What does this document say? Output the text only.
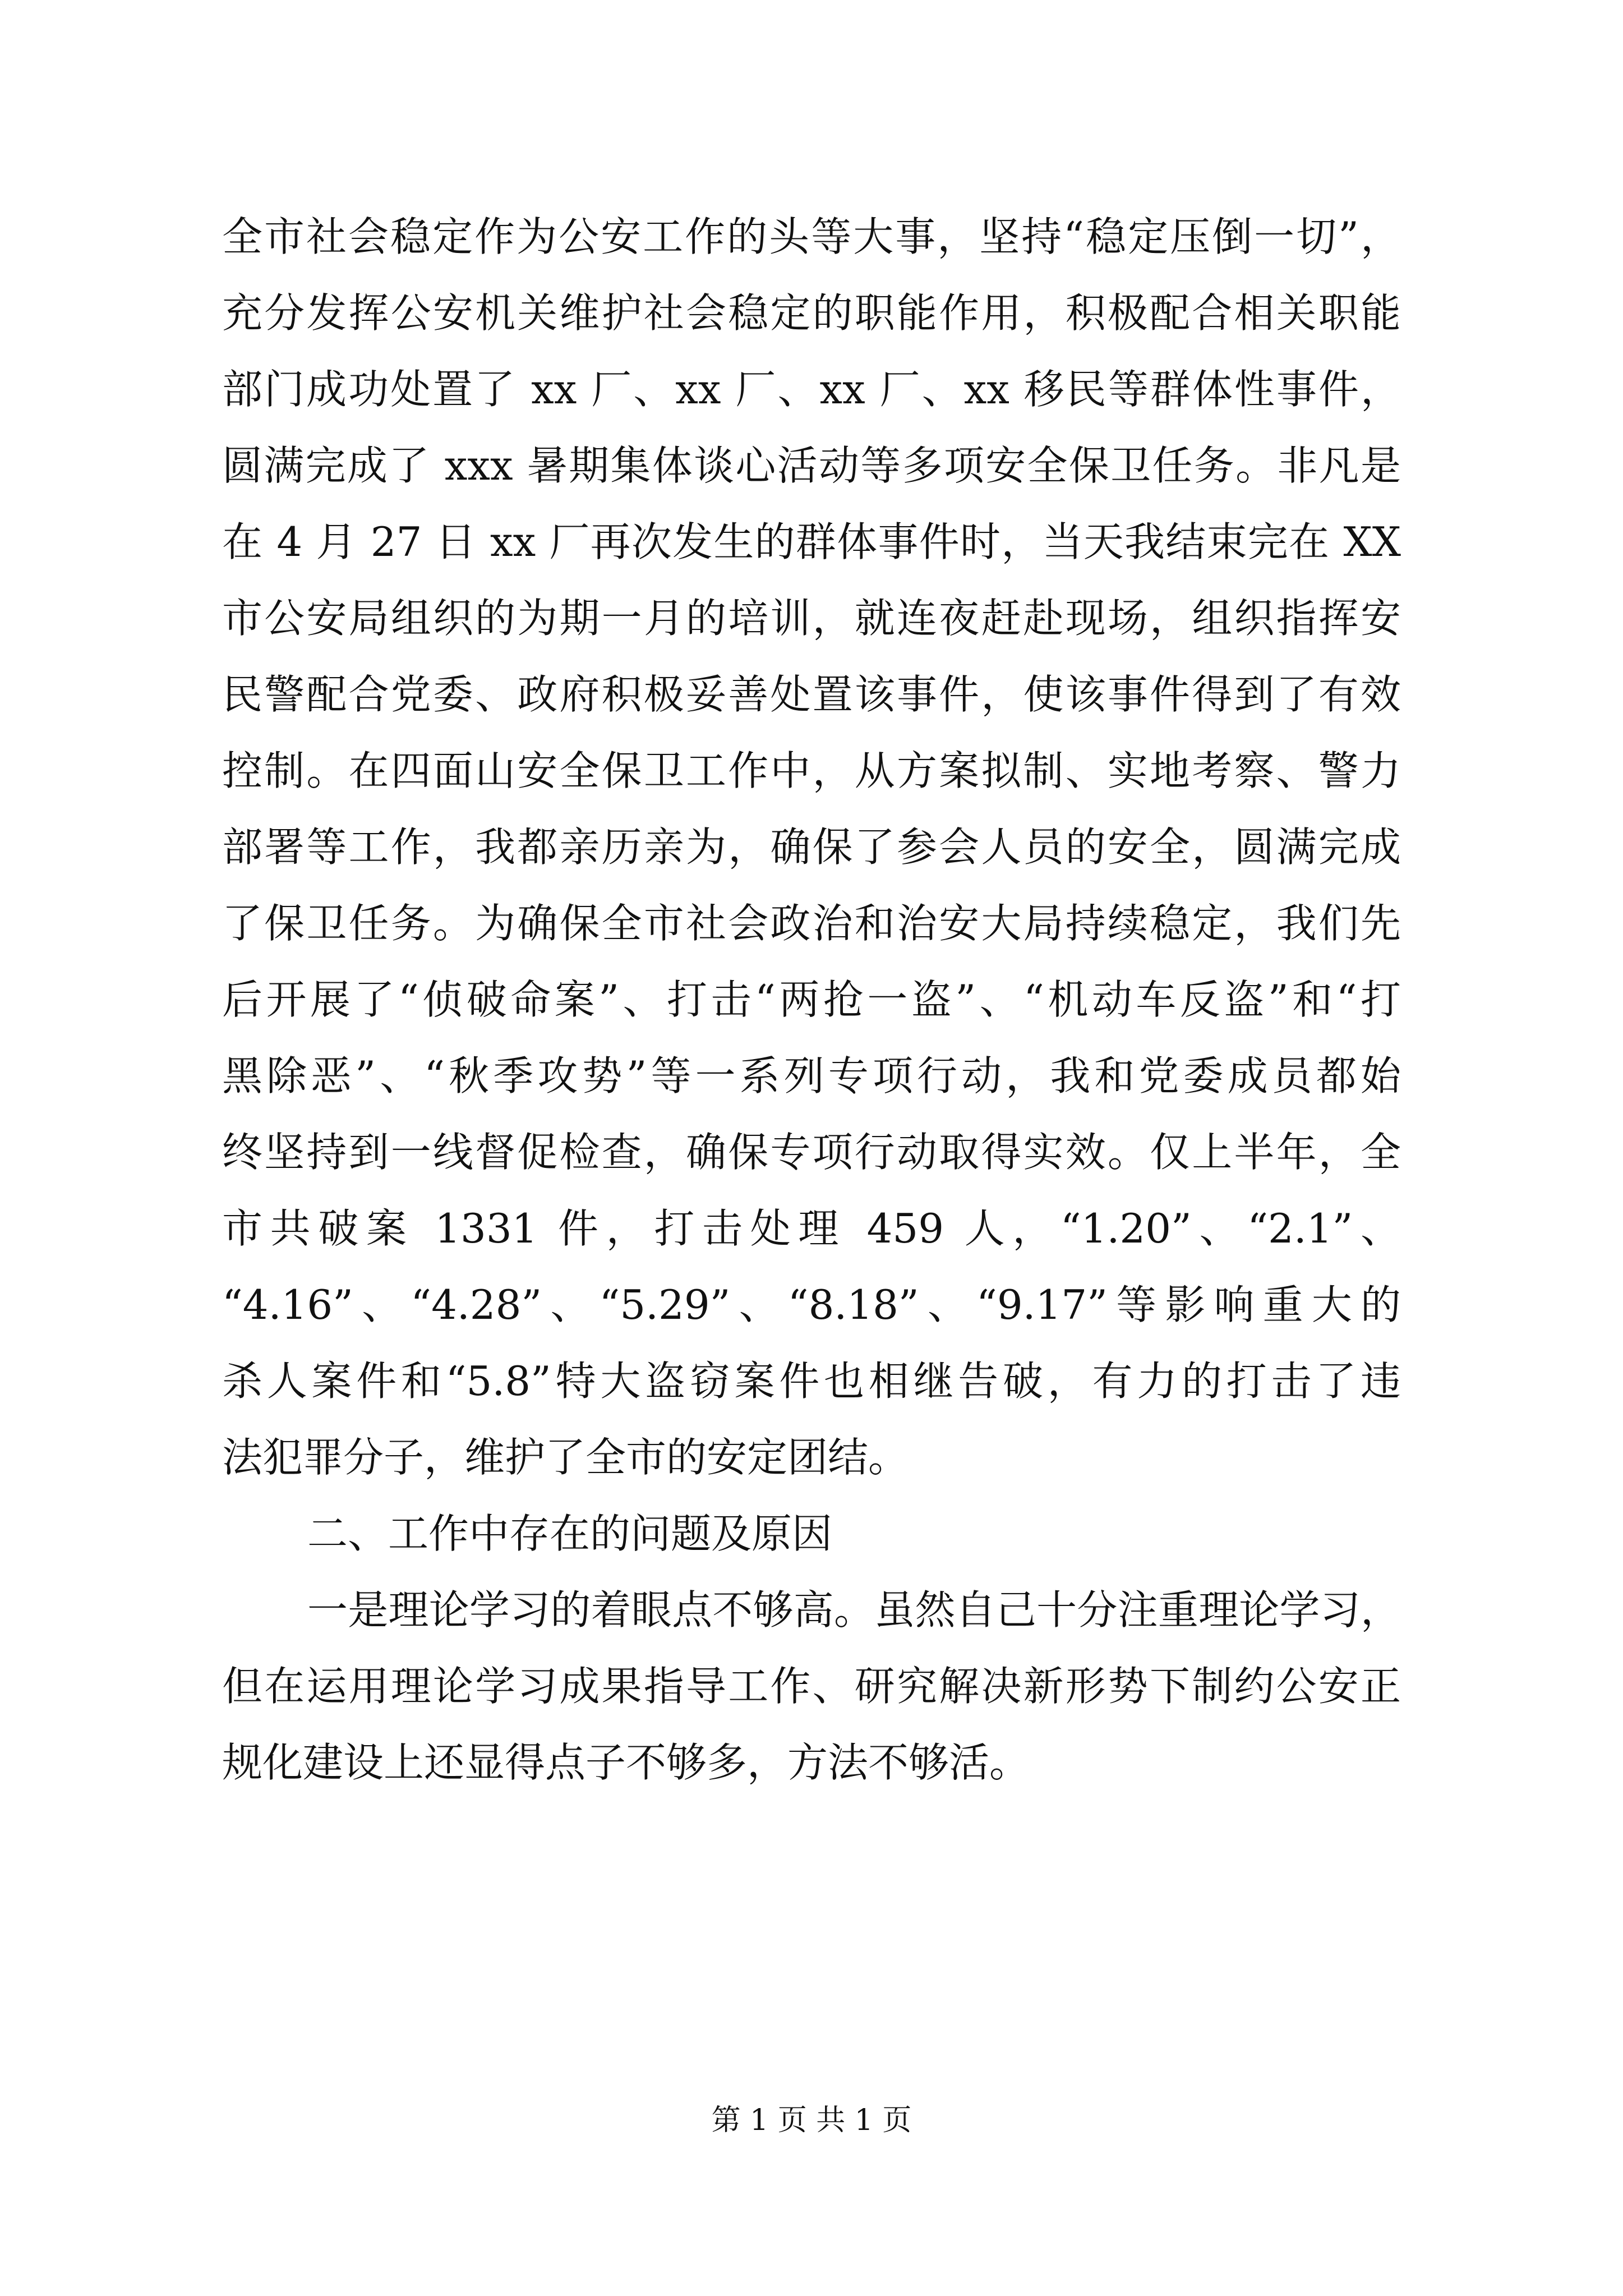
全市社会稳定作为公安工作的头等大事，坚持“稳定压倒一切”，

充分发挥公安机关维护社会稳定的职能作用，积极配合相关职能

部门成功处置了 xx 厂、xx 厂、xx 厂、xx 移民等群体性事件，

圆满完成了 xxx 暑期集体谈心活动等多项安全保卫任务。非凡是

在 4 月 27 日 xx 厂再次发生的群体事件时，当天我结束完在 XX

市公安局组织的为期一月的培训，就连夜赶赴现场，组织指挥安

民警配合党委、政府积极妥善处置该事件，使该事件得到了有效

控制。在四面山安全保卫工作中，从方案拟制、实地考察、警力

部署等工作，我都亲历亲为，确保了参会人员的安全，圆满完成

了保卫任务。为确保全市社会政治和治安大局持续稳定，我们先

后开展了“侦破命案”、打击“两抢一盗”、“机动车反盗”和“打

黑除恶”、“秋季攻势”等一系列专项行动，我和党委成员都始

终坚持到一线督促检查，确保专项行动取得实效。仅上半年，全

市共破案 1331 件，打击处理 459 人，“1.20”、“2.1”、

“4.16”、“4.28”、“5.29”、“8.18”、“9.17”等影响重大的

杀人案件和“5.8”特大盗窃案件也相继告破，有力的打击了违

法犯罪分子，维护了全市的安定团结。

二、工作中存在的问题及原因

一是理论学习的着眼点不够高。虽然自己十分注重理论学习，

但在运用理论学习成果指导工作、研究解决新形势下制约公安正

规化建设上还显得点子不够多，方法不够活。

第 1 页 共 1 页
